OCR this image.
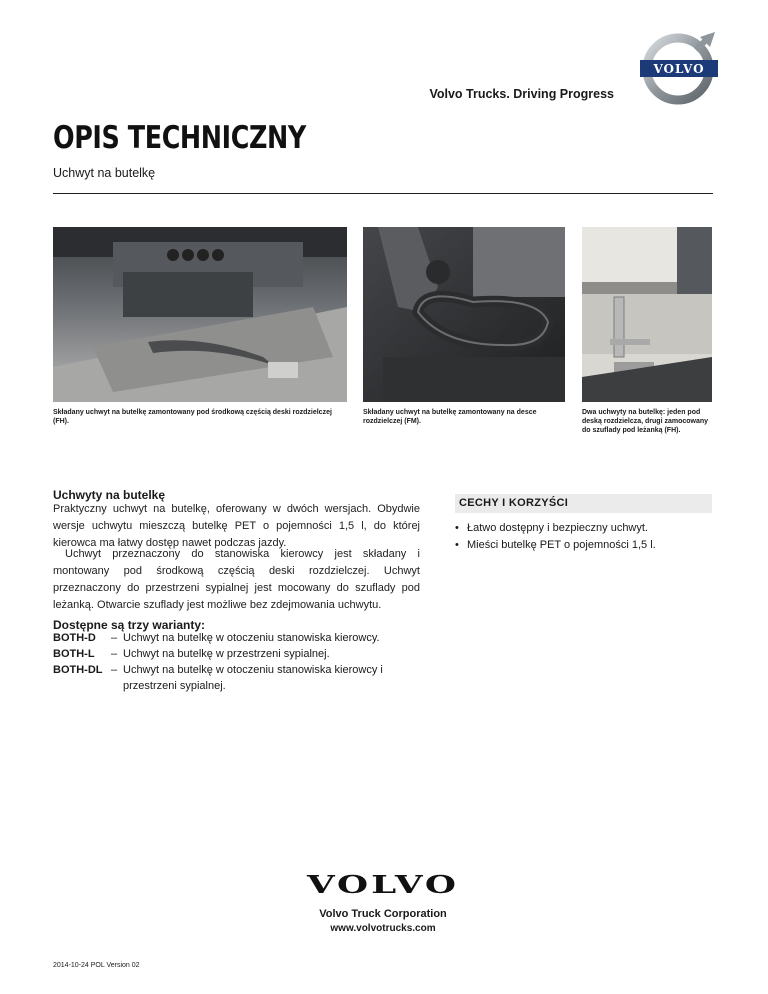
VOLVO
Volvo Trucks. Driving Progress
OPIS TECHNICZNY
Uchwyt na butelkę
Składany uchwyt na butelkę zamontowany pod środkową częścią deski rozdzielczej (FH).
Składany uchwyt na butelkę zamontowany na desce rozdzielczej (FM).
Dwa uchwyty na butelkę: jeden pod deską rozdzielcza, drugi zamocowany do szuflady pod leżanką (FH).
Uchwyty na butelkę
Praktyczny uchwyt na butelkę, oferowany w dwóch wersjach. Obydwie wersje uchwytu mieszczą butelkę PET o pojemności 1,5 l, do której kierowca ma łatwy dostęp nawet podczas jazdy.
Uchwyt przeznaczony do stanowiska kierowcy jest składany i montowany pod środkową częścią deski rozdzielczej. Uchwyt przeznaczony do przestrzeni sypialnej jest mocowany do szuflady pod leżanką. Otwarcie szuflady jest możliwe bez zdejmowania uchwytu.
Dostępne są trzy warianty:
BOTH-D	– Uchwyt na butelkę w otoczeniu stanowiska kierowcy.
BOTH-L	– Uchwyt na butelkę w przestrzeni sypialnej.
BOTH-DL – Uchwyt na butelkę w otoczeniu stanowiska kierowcy i przestrzeni sypialnej.
CECHY I KORZYŚCI
• Łatwo dostępny i bezpieczny uchwyt.
• Mieści butelkę PET o pojemności 1,5 l.
VOLVO
Volvo Truck Corporation
www.volvotrucks.com
2014-10-24 POL Version 02
